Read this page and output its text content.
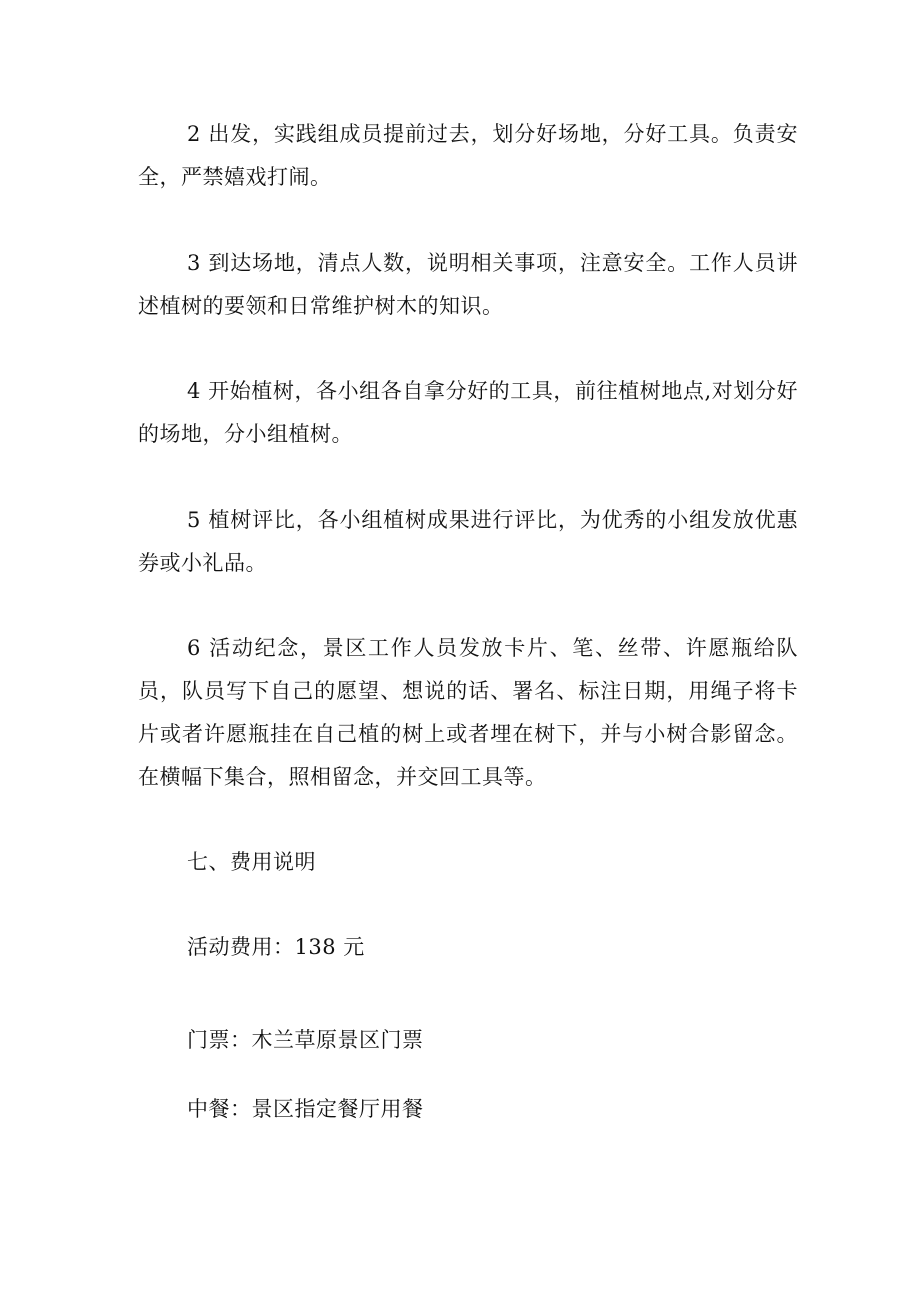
2 出发，实践组成员提前过去，划分好场地，分好工具。负责安全，严禁嬉戏打闹。

3 到达场地，清点人数，说明相关事项，注意安全。工作人员讲述植树的要领和日常维护树木的知识。

4 开始植树，各小组各自拿分好的工具，前往植树地点,对划分好的场地，分小组植树。

5 植树评比，各小组植树成果进行评比，为优秀的小组发放优惠券或小礼品。

6 活动纪念，景区工作人员发放卡片、笔、丝带、许愿瓶给队员，队员写下自己的愿望、想说的话、署名、标注日期，用绳子将卡片或者许愿瓶挂在自己植的树上或者埋在树下，并与小树合影留念。在横幅下集合，照相留念，并交回工具等。

七、费用说明

活动费用：138 元

门票：木兰草原景区门票

中餐：景区指定餐厅用餐
